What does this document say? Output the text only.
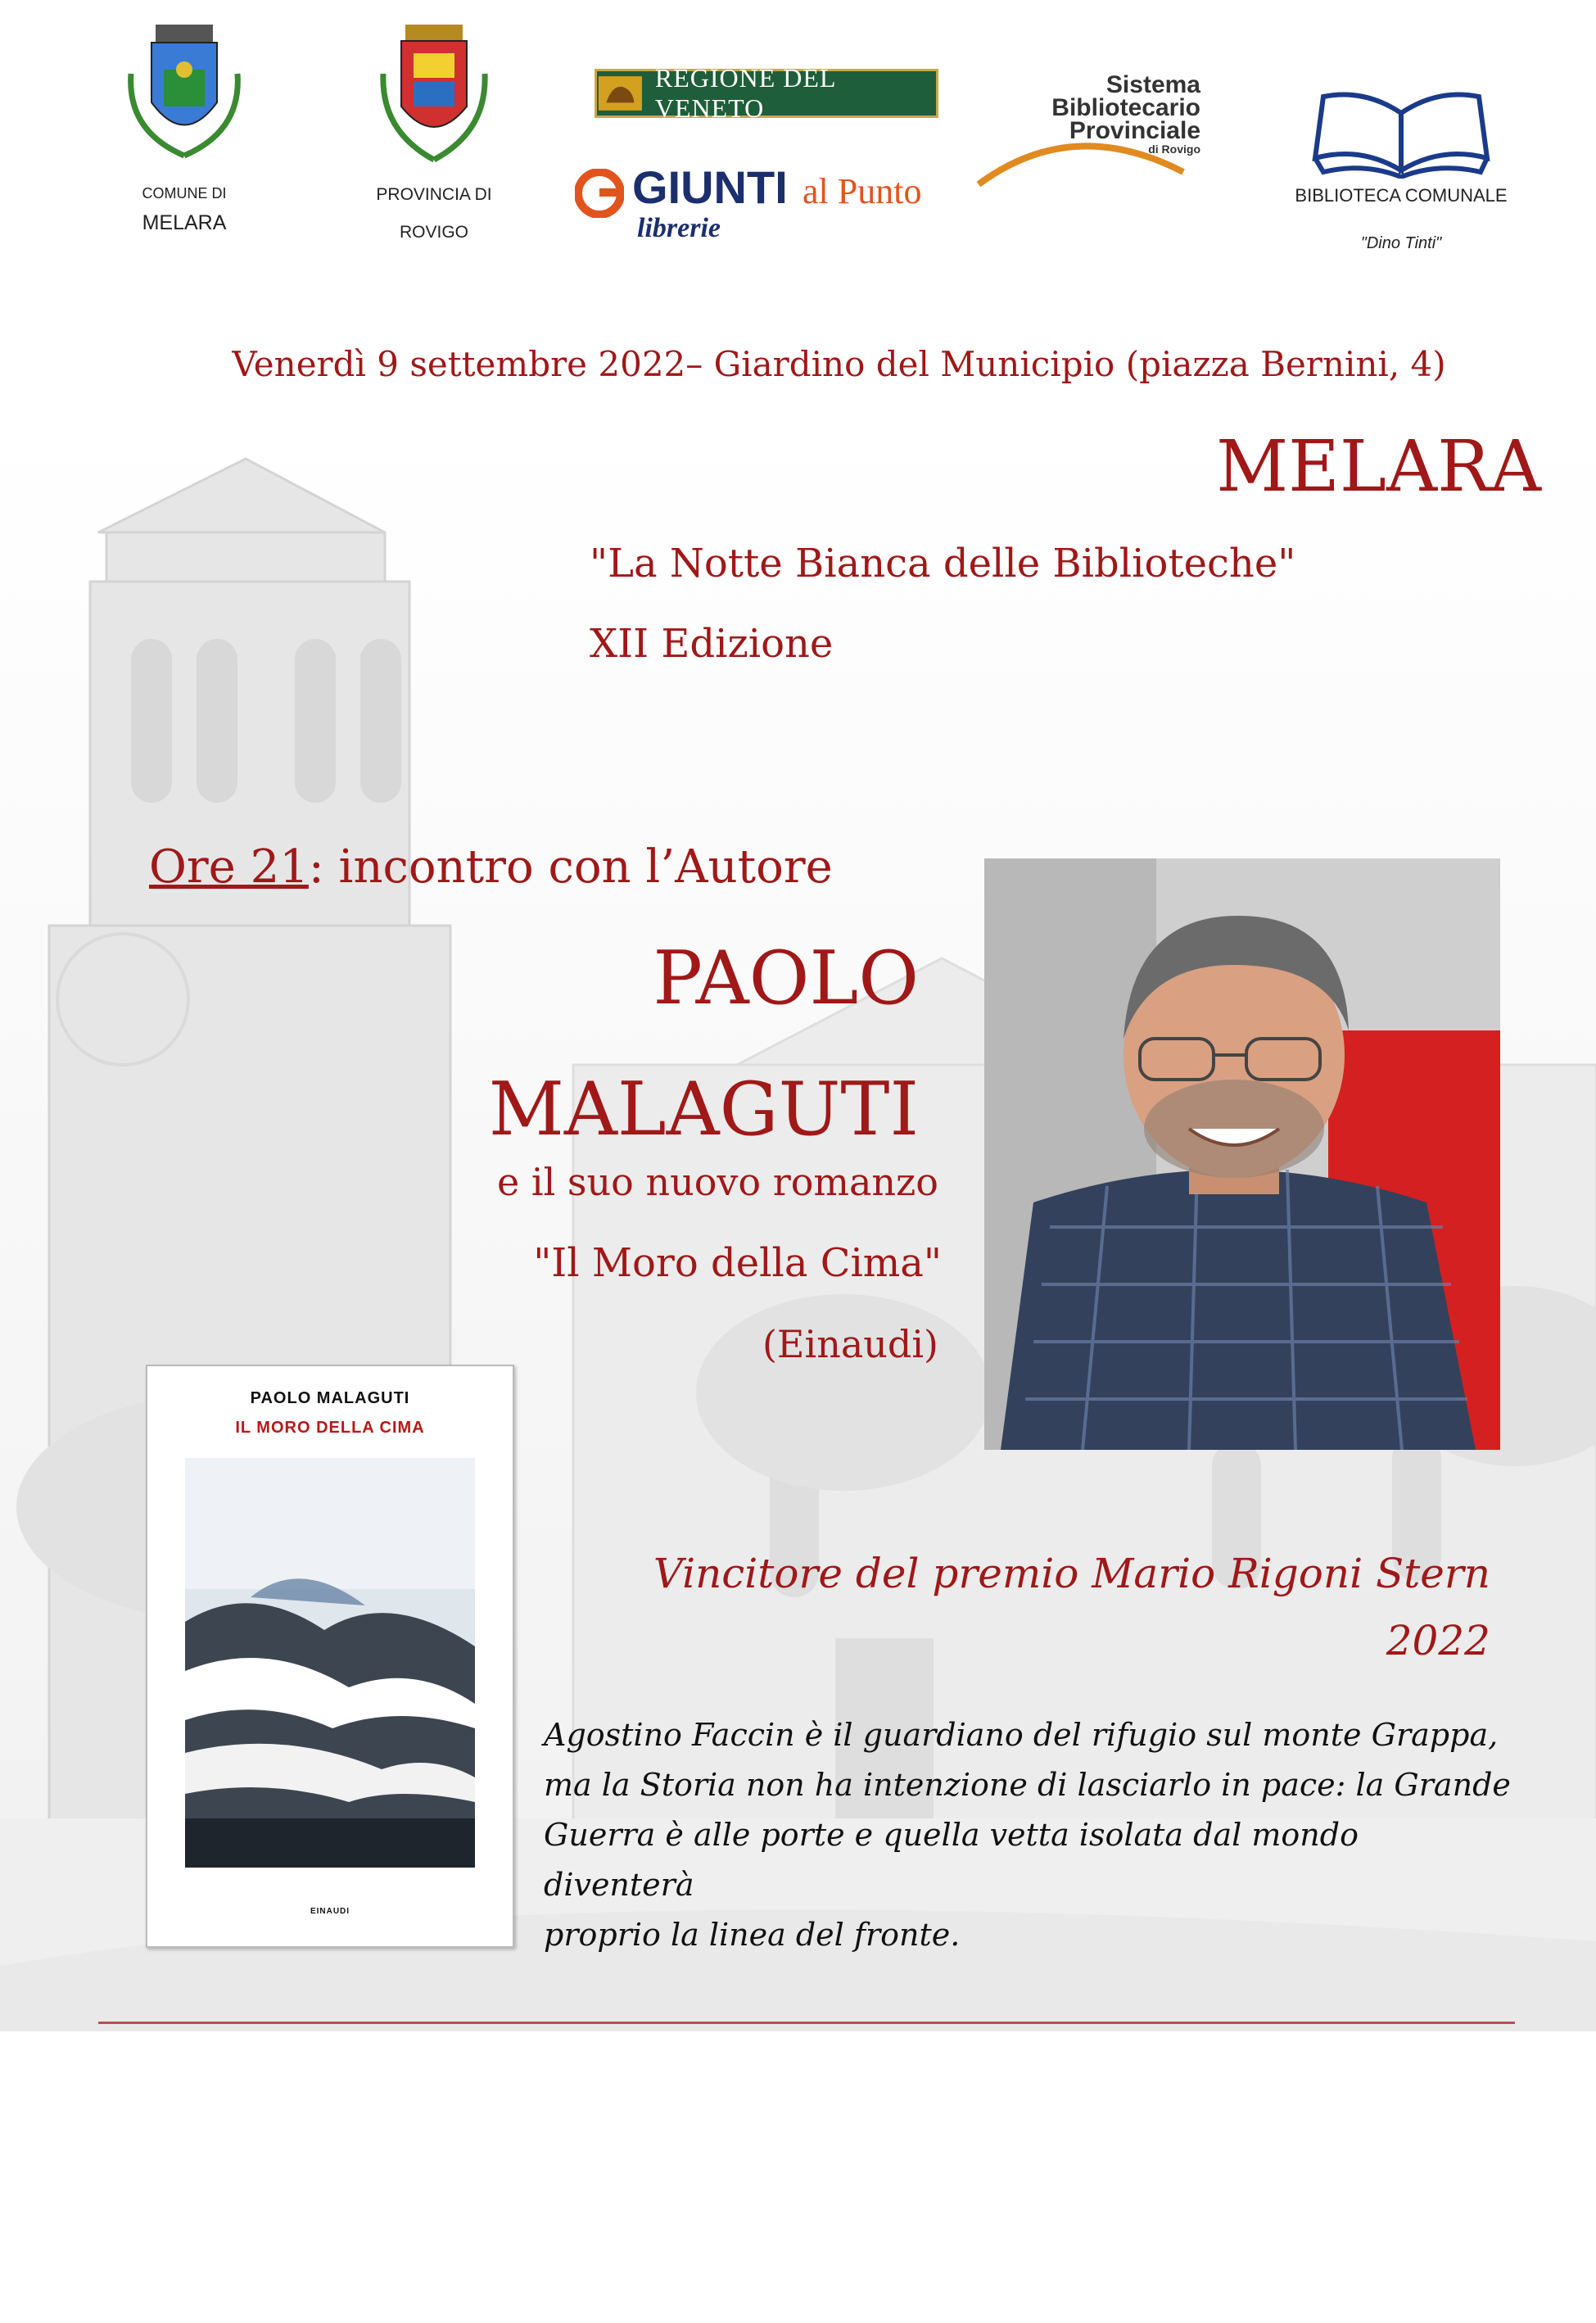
COMUNE DI
MELARA
PROVINCIA DI
ROVIGO
REGIONE DEL VENETO
GIUNTI al Punto
librerie
Sistema
Bibliotecario
Provinciale
di Rovigo
BIBLIOTECA COMUNALE
"Dino Tinti"
Venerdì 9 settembre 2022– Giardino del Municipio (piazza Bernini, 4)
MELARA
"La Notte Bianca delle Biblioteche"
XII Edizione
Ore 21: incontro con l’Autore
PAOLO
MALAGUTI
e il suo nuovo romanzo
"Il Moro della Cima"
(Einaudi)
PAOLO MALAGUTI
IL MORO DELLA CIMA
EINAUDI
Vincitore del premio Mario Rigoni Stern
2022
Agostino Faccin è il guardiano del rifugio sul monte Grappa,
ma la Storia non ha intenzione di lasciarlo in pace: la Grande
Guerra è alle porte e quella vetta isolata dal mondo diventerà
proprio la linea del fronte.
